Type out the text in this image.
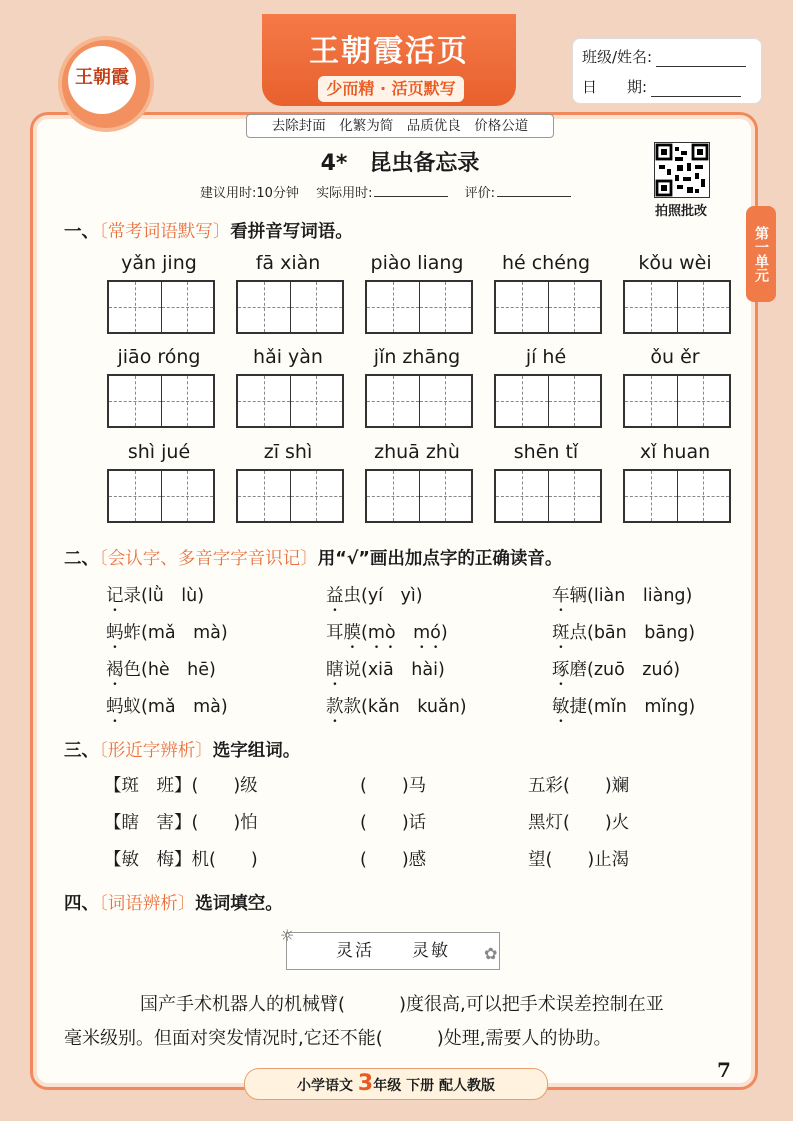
王朝霞
王朝霞活页
少而精 · 活页默写
班级/姓名:
日　　期:
去除封面　化繁为简　品质优良　价格公道
4*　昆虫备忘录
建议用时:10分钟　 实际用时:	评价:
拍照批改
第一单元
一、〔常考词语默写〕看拼音写词语。
yǎn jing	fā xiàn	piào liang	hé chéng	kǒu wèi
jiāo róng	hǎi yàn	jǐn zhāng	jí hé	ǒu ěr
shì jué	zī shì	zhuā zhù	shēn tǐ	xǐ huan
二、〔会认字、多音字字音识记〕用“√”画出加点字的正确读音。
记录(lǜ　lù)	益虫(yí　yì)	车辆(liàn　liàng)
蚂蚱(mǎ　mà)	耳膜(mò　mó)	斑点(bān　bāng)
褐色(hè　hē)	瞎说(xiā　hài)	琢磨(zuō　zuó)
蚂蚁(mǎ　mà)	款款(kǎn　kuǎn)	敏捷(mǐn　mǐng)
三、〔形近字辨析〕选字组词。
【斑　班】(　　)级	(　　)马	五彩(　　)斓
【瞎　害】(　　)怕	(　　)话	黑灯(　　)火
【敏　梅】机(　　)	(　　)感	望(　　)止渴
四、〔词语辨析〕选词填空。
灵活　　灵敏
☼
✿
国产手术机器人的机械臂(　　　)度很高,可以把手术误差控制在亚
毫米级别。但面对突发情况时,它还不能(　　　)处理,需要人的协助。
7
小学语文 3年级 下册 配人教版
